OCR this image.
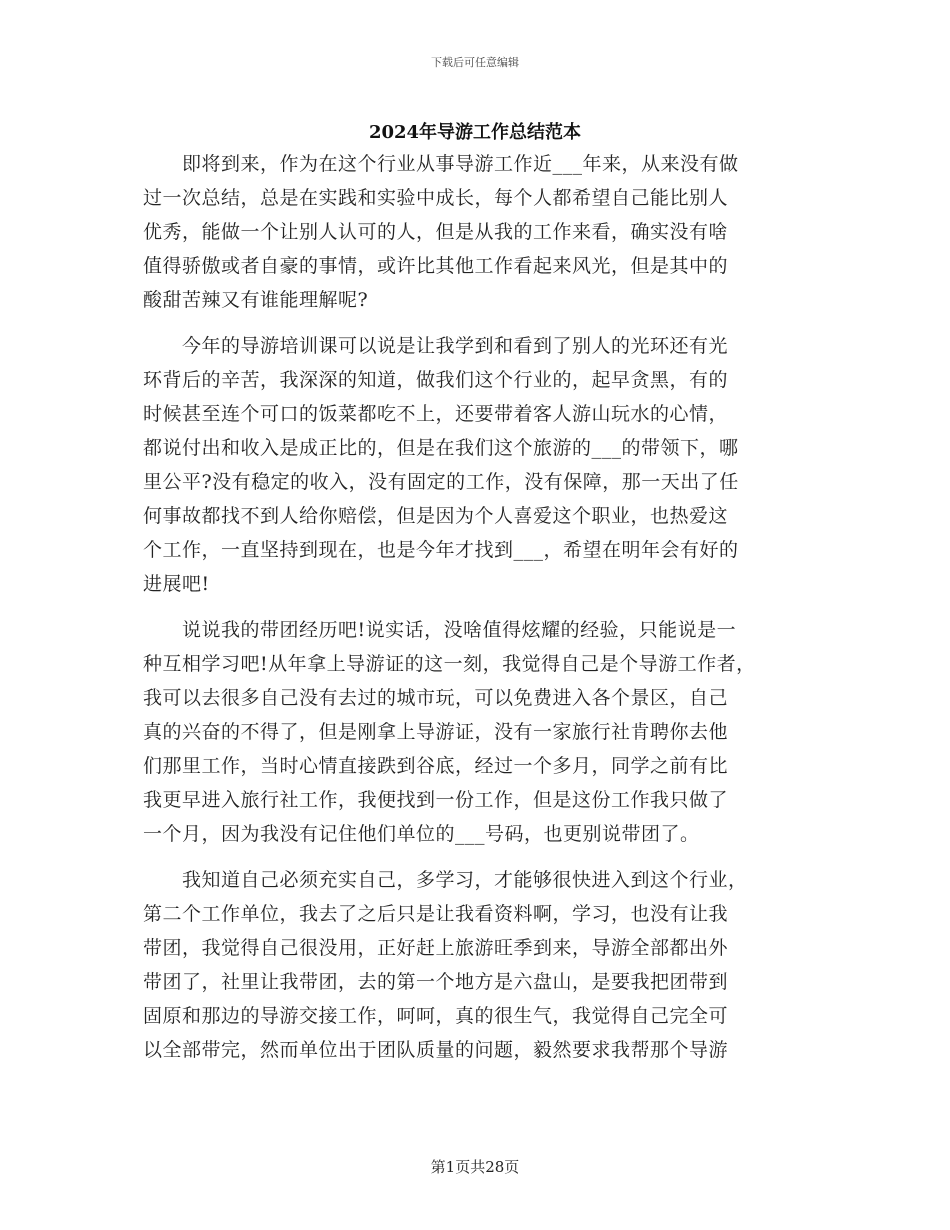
下载后可任意编辑
2024年导游工作总结范本
　　即将到来，作为在这个行业从事导游工作近___年来，从来没有做
过一次总结，总是在实践和实验中成长，每个人都希望自己能比别人
优秀，能做一个让别人认可的人，但是从我的工作来看，确实没有啥
值得骄傲或者自豪的事情，或许比其他工作看起来风光，但是其中的
酸甜苦辣又有谁能理解呢?
　　今年的导游培训课可以说是让我学到和看到了别人的光环还有光
环背后的辛苦，我深深的知道，做我们这个行业的，起早贪黑，有的
时候甚至连个可口的饭菜都吃不上，还要带着客人游山玩水的心情，
都说付出和收入是成正比的，但是在我们这个旅游的___的带领下，哪
里公平?没有稳定的收入，没有固定的工作，没有保障，那一天出了任
何事故都找不到人给你赔偿，但是因为个人喜爱这个职业，也热爱这
个工作，一直坚持到现在，也是今年才找到___，希望在明年会有好的
进展吧!
　　说说我的带团经历吧!说实话，没啥值得炫耀的经验，只能说是一
种互相学习吧!从年拿上导游证的这一刻，我觉得自己是个导游工作者，
我可以去很多自己没有去过的城市玩，可以免费进入各个景区，自己
真的兴奋的不得了，但是刚拿上导游证，没有一家旅行社肯聘你去他
们那里工作，当时心情直接跌到谷底，经过一个多月，同学之前有比
我更早进入旅行社工作，我便找到一份工作，但是这份工作我只做了
一个月，因为我没有记住他们单位的___号码，也更别说带团了。
　　我知道自己必须充实自己，多学习，才能够很快进入到这个行业，
第二个工作单位，我去了之后只是让我看资料啊，学习，也没有让我
带团，我觉得自己很没用，正好赶上旅游旺季到来，导游全部都出外
带团了，社里让我带团，去的第一个地方是六盘山，是要我把团带到
固原和那边的导游交接工作，呵呵，真的很生气，我觉得自己完全可
以全部带完，然而单位出于团队质量的问题，毅然要求我帮那个导游
第1页共28页
